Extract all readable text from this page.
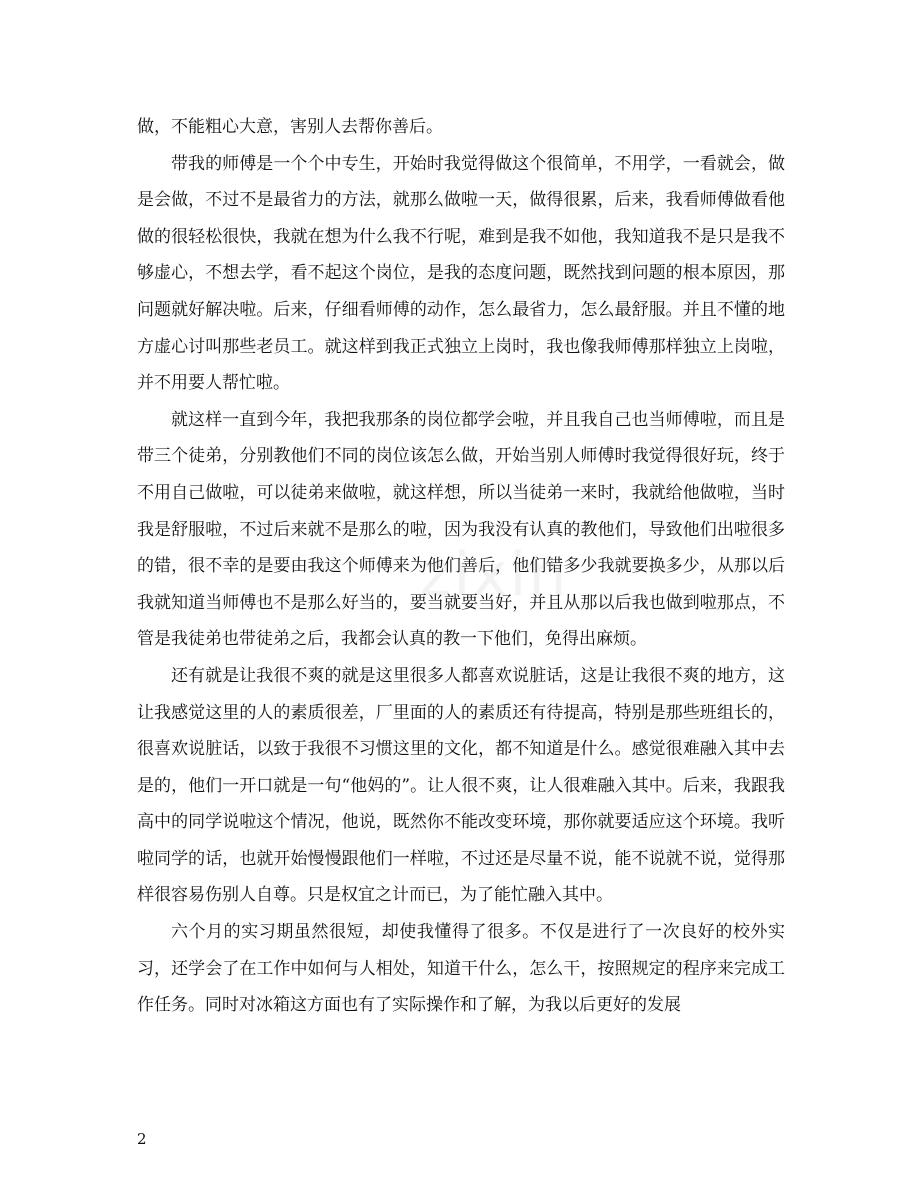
做，不能粗心大意，害别人去帮你善后。

带我的师傅是一个个中专生，开始时我觉得做这个很简单，不用学，一看就会，做是会做，不过不是最省力的方法，就那么做啦一天，做得很累，后来，我看师傅做看他做的很轻松很快，我就在想为什么我不行呢，难到是我不如他，我知道我不是只是我不够虚心，不想去学，看不起这个岗位，是我的态度问题，既然找到问题的根本原因，那问题就好解决啦。后来，仔细看师傅的动作，怎么最省力，怎么最舒服。并且不懂的地方虚心讨叫那些老员工。就这样到我正式独立上岗时，我也像我师傅那样独立上岗啦，并不用要人帮忙啦。

就这样一直到今年，我把我那条的岗位都学会啦，并且我自己也当师傅啦，而且是带三个徒弟，分别教他们不同的岗位该怎么做，开始当别人师傅时我觉得很好玩，终于不用自己做啦，可以徒弟来做啦，就这样想，所以当徒弟一来时，我就给他做啦，当时我是舒服啦，不过后来就不是那么的啦，因为我没有认真的教他们，导致他们出啦很多的错，很不幸的是要由我这个师傅来为他们善后，他们错多少我就要换多少，从那以后我就知道当师傅也不是那么好当的，要当就要当好，并且从那以后我也做到啦那点，不管是我徒弟也带徒弟之后，我都会认真的教一下他们，免得出麻烦。

还有就是让我很不爽的就是这里很多人都喜欢说脏话，这是让我很不爽的地方，这让我感觉这里的人的素质很差，厂里面的人的素质还有待提高，特别是那些班组长的，很喜欢说脏话，以致于我很不习惯这里的文化，都不知道是什么。感觉很难融入其中去是的，他们一开口就是一句“他妈的”。让人很不爽，让人很难融入其中。后来，我跟我高中的同学说啦这个情况，他说，既然你不能改变环境，那你就要适应这个环境。我听啦同学的话，也就开始慢慢跟他们一样啦，不过还是尽量不说，能不说就不说，觉得那样很容易伤别人自尊。只是权宜之计而已，为了能忙融入其中。

六个月的实习期虽然很短，却使我懂得了很多。不仅是进行了一次良好的校外实习，还学会了在工作中如何与人相处，知道干什么，怎么干，按照规定的程序来完成工作任务。同时对冰箱这方面也有了实际操作和了解，为我以后更好的发展

zixin
2
